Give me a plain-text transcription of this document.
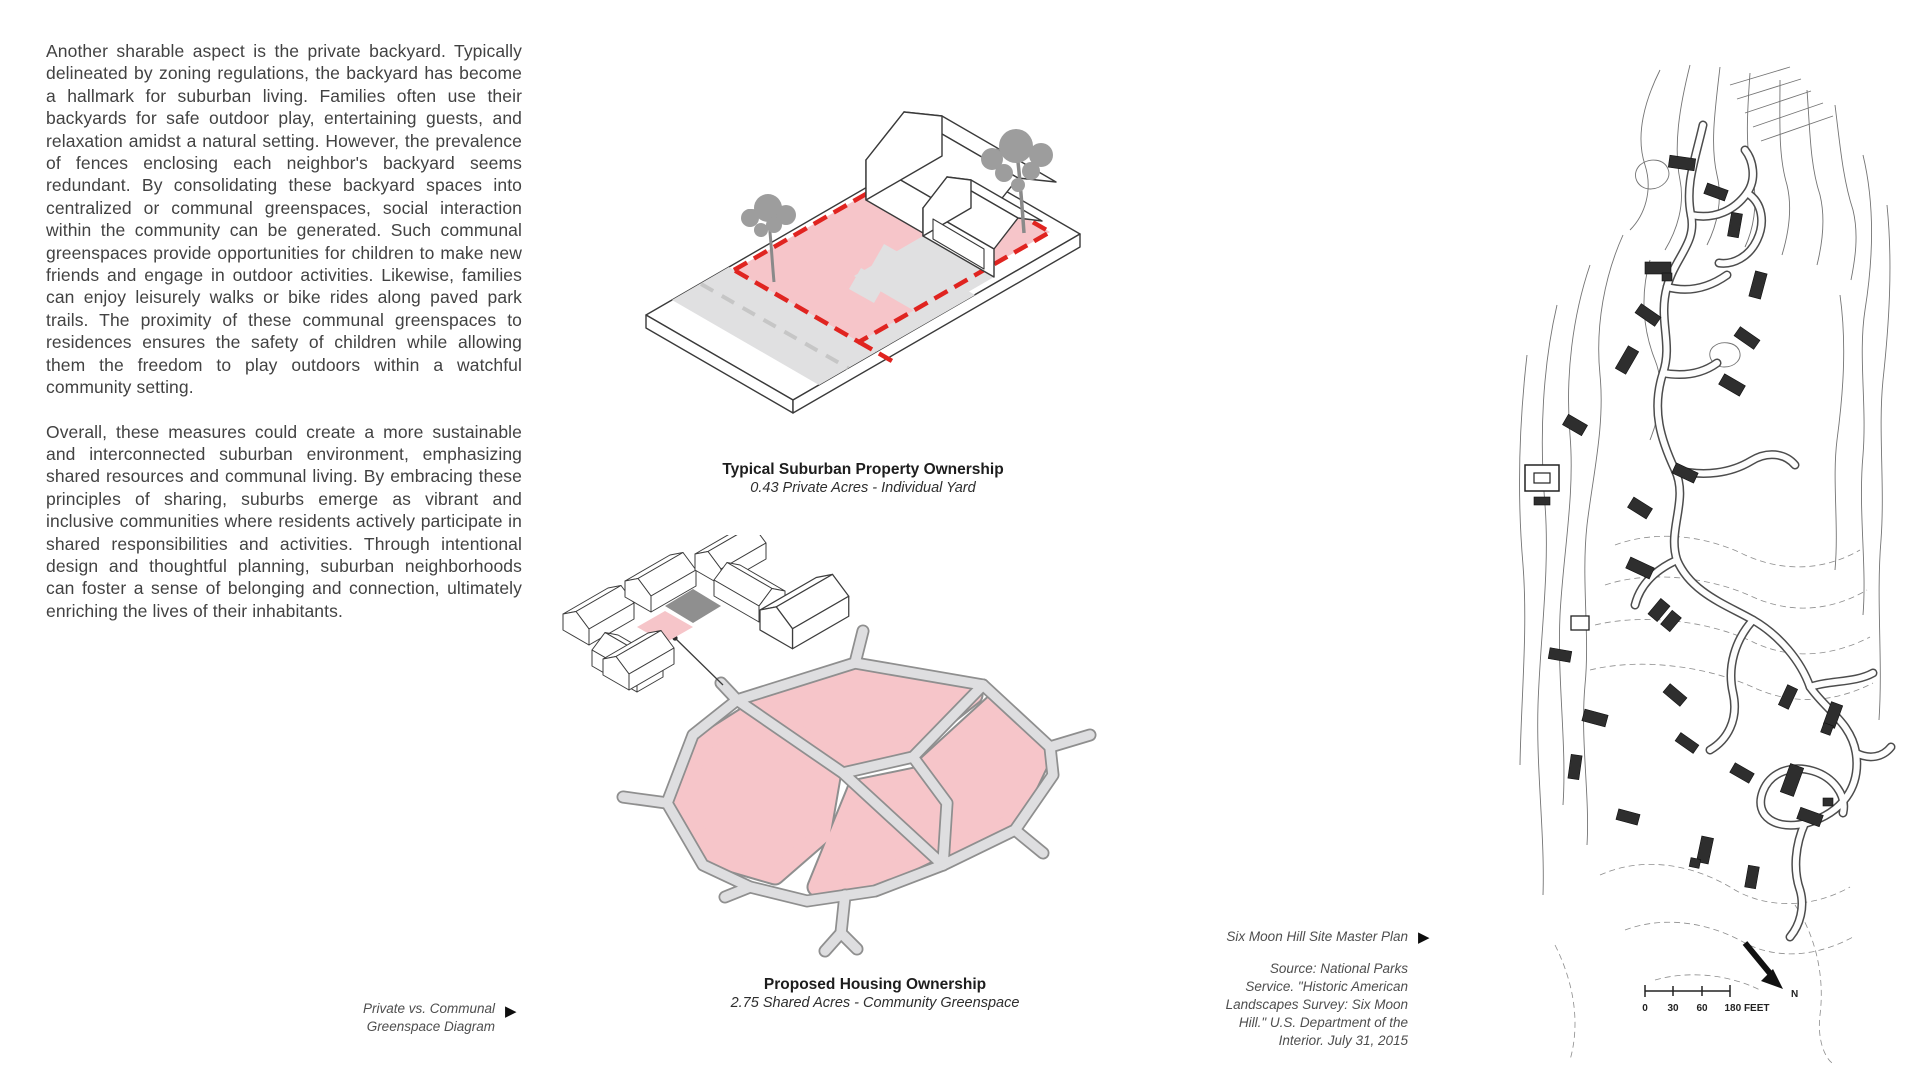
Another sharable aspect is the private backyard. Typically delineated by zoning regulations, the backyard has become a hallmark for suburban living. Families often use their backyards for safe outdoor play, entertaining guests, and relaxation amidst a natural setting. However, the prevalence of fences enclosing each neighbor's backyard seems redundant. By consolidating these backyard spaces into centralized or communal greenspaces, social interaction within the community can be generated. Such communal greenspaces provide opportunities for children to make new friends and engage in outdoor activities. Likewise, families can enjoy leisurely walks or bike rides along paved park trails. The proximity of these communal greenspaces to residences ensures the safety of children while allowing them the freedom to play outdoors within a watchful community setting.

Overall, these measures could create a more sustainable and interconnected suburban environment, emphasizing shared resources and communal living. By embracing these principles of sharing, suburbs emerge as vibrant and inclusive communities where residents actively participate in shared responsibilities and activities. Through intentional design and thoughtful planning, suburban neighborhoods can foster a sense of belonging and connection, ultimately enriching the lives of their inhabitants.

Typical Suburban Property Ownership
0.43 Private Acres - Individual Yard
Proposed Housing Ownership
2.75 Shared Acres - Community Greenspace
Private vs. Communal
Greenspace Diagram
▶
Six Moon Hill Site Master Plan ▶
Source: National Parks
Service. "Historic American
Landscapes Survey: Six Moon
Hill." U.S. Department of the
Interior. July 31, 2015
0 30 60 180 FEET
N
